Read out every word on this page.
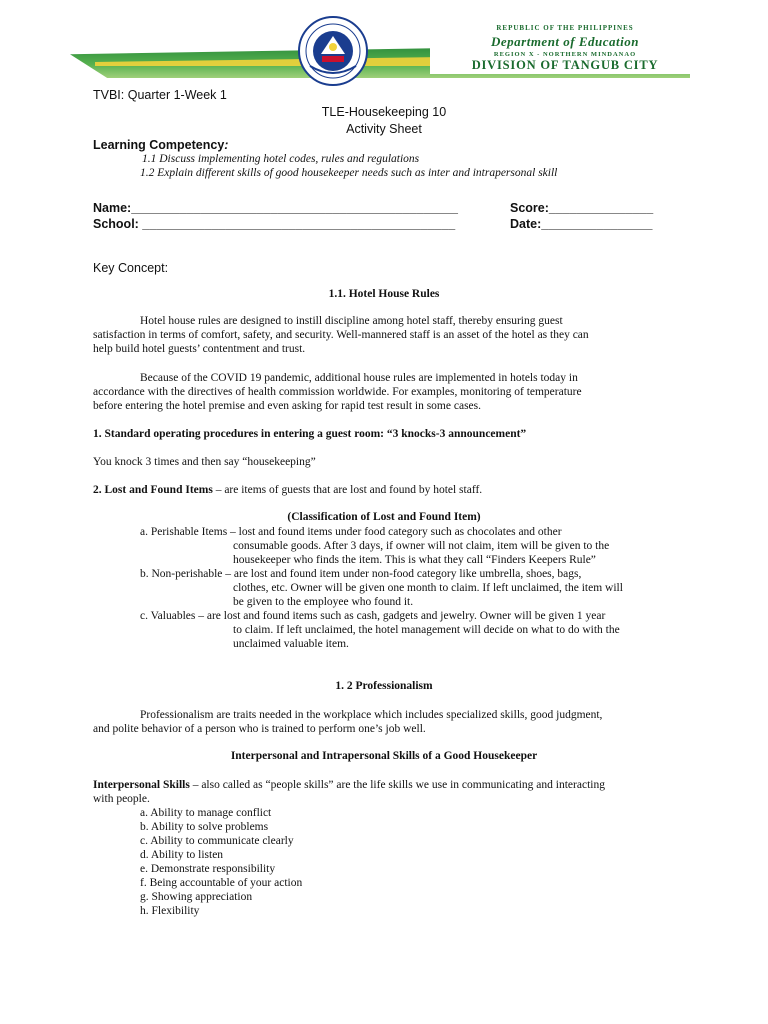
REPUBLIC OF THE PHILIPPINES
Department of Education
REGION X - NORTHERN MINDANAO
DIVISION OF TANGUB CITY
TVBI: Quarter 1-Week 1
TLE-Housekeeping 10
Activity Sheet
Learning Competency:
1.1 Discuss implementing hotel codes, rules and regulations
1.2 Explain different skills of good housekeeper needs such as inter and intrapersonal skill
Name:_______________________________________________	Score:_______________
School: _____________________________________________	Date:________________
Key Concept:
1.1. Hotel House Rules
Hotel house rules are designed to instill discipline among hotel staff, thereby ensuring guest
satisfaction in terms of comfort, safety, and security. Well-mannered staff is an asset of the hotel as they can
help build hotel guests’ contentment and trust.
Because of the COVID 19 pandemic, additional house rules are implemented in hotels today in
accordance with the directives of health commission worldwide. For examples, monitoring of temperature
before entering the hotel premise and even asking for rapid test result in some cases.
1. Standard operating procedures in entering a guest room: “3 knocks-3 announcement”
You knock 3 times and then say “housekeeping”
2. Lost and Found Items – are items of guests that are lost and found by hotel staff.
(Classification of Lost and Found Item)
a. Perishable Items – lost and found items under food category such as chocolates and other
consumable goods. After 3 days, if owner will not claim, item will be given to the
housekeeper who finds the item. This is what they call “Finders Keepers Rule”
b. Non-perishable – are lost and found item under non-food category like umbrella, shoes, bags,
clothes, etc. Owner will be given one month to claim. If left unclaimed, the item will
be given to the employee who found it.
c. Valuables – are lost and found items such as cash, gadgets and jewelry. Owner will be given 1 year
to claim. If left unclaimed, the hotel management will decide on what to do with the
unclaimed valuable item.
1. 2 Professionalism
Professionalism are traits needed in the workplace which includes specialized skills, good judgment,
and polite behavior of a person who is trained to perform one’s job well.
Interpersonal and Intrapersonal Skills of a Good Housekeeper
Interpersonal Skills – also called as “people skills” are the life skills we use in communicating and interacting
with people.
a. Ability to manage conflict
b. Ability to solve problems
c. Ability to communicate clearly
d. Ability to listen
e. Demonstrate responsibility
f. Being accountable of your action
g. Showing appreciation
h. Flexibility
